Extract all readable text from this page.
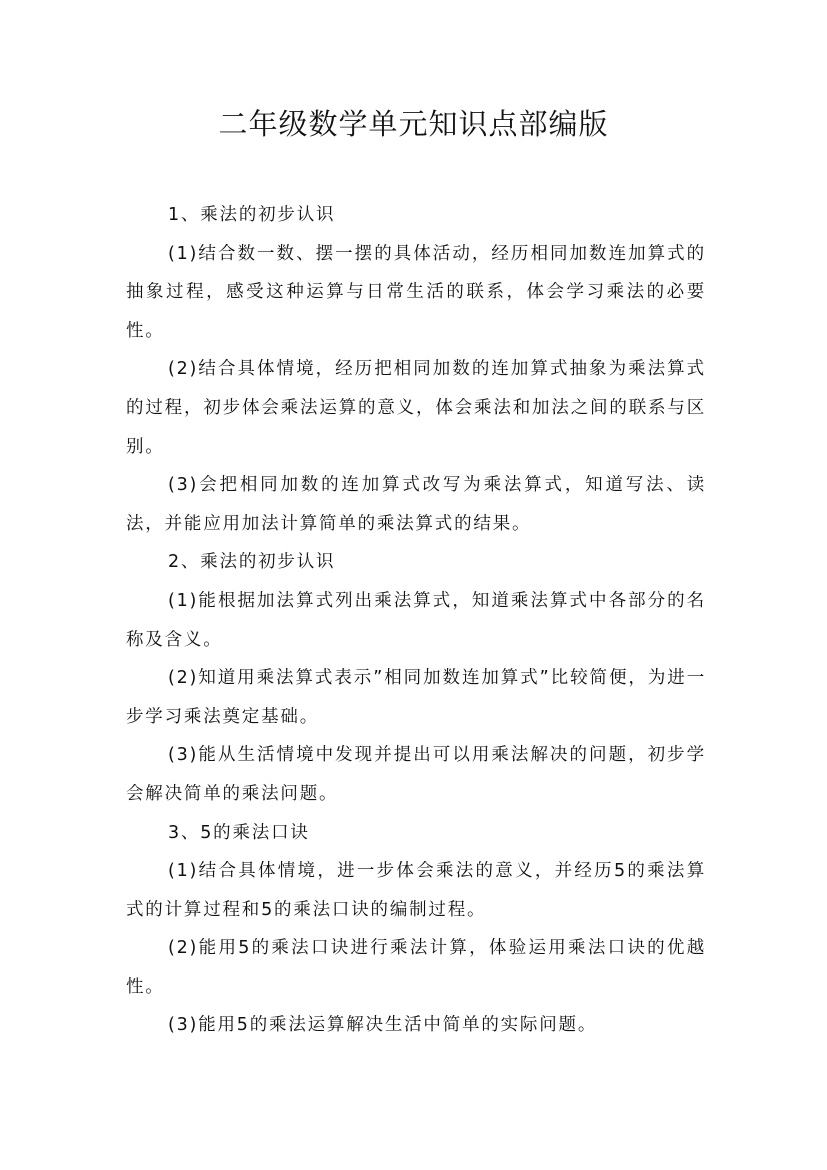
二年级数学单元知识点部编版

1、乘法的初步认识

(1)结合数一数、摆一摆的具体活动，经历相同加数连加算式的抽象过程，感受这种运算与日常生活的联系，体会学习乘法的必要性。

(2)结合具体情境，经历把相同加数的连加算式抽象为乘法算式的过程，初步体会乘法运算的意义，体会乘法和加法之间的联系与区别。

(3)会把相同加数的连加算式改写为乘法算式，知道写法、读法，并能应用加法计算简单的乘法算式的结果。

2、乘法的初步认识

(1)能根据加法算式列出乘法算式，知道乘法算式中各部分的名称及含义。

(2)知道用乘法算式表示”相同加数连加算式”比较简便，为进一步学习乘法奠定基础。

(3)能从生活情境中发现并提出可以用乘法解决的问题，初步学会解决简单的乘法问题。

3、5的乘法口诀

(1)结合具体情境，进一步体会乘法的意义，并经历5的乘法算式的计算过程和5的乘法口诀的编制过程。

(2)能用5的乘法口诀进行乘法计算，体验运用乘法口诀的优越性。

(3)能用5的乘法运算解决生活中简单的实际问题。
